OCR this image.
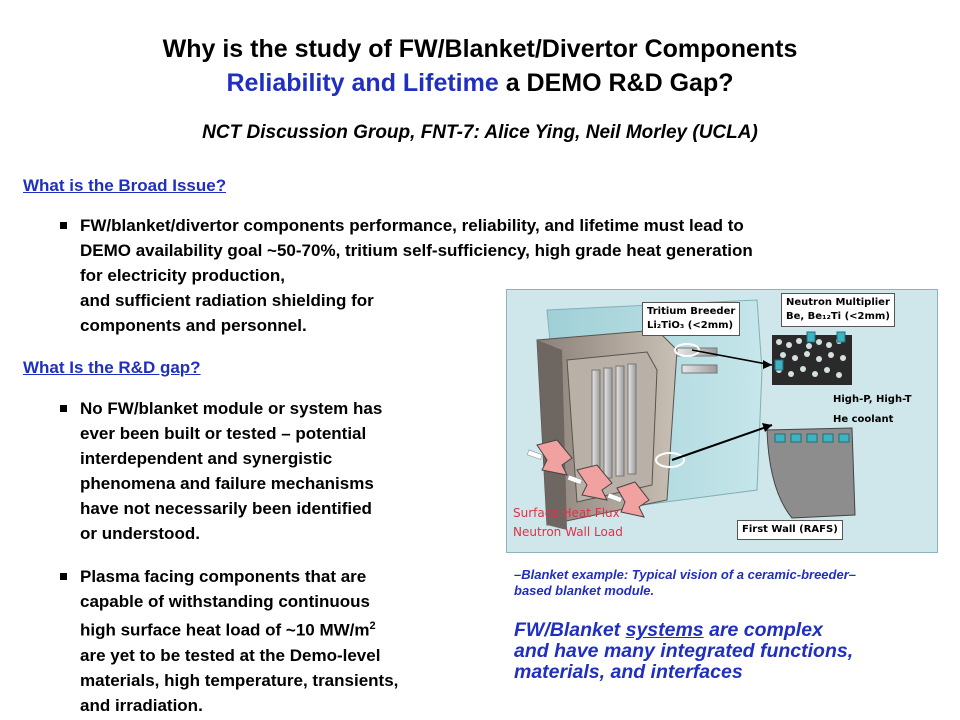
Why is the study of FW/Blanket/Divertor Components
Reliability and Lifetime a DEMO R&D Gap?
NCT Discussion Group, FNT-7: Alice Ying, Neil Morley (UCLA)
What is the Broad Issue?
FW/blanket/divertor components performance, reliability, and lifetime must lead to
DEMO availability goal ~50-70%, tritium self-sufficiency, high grade heat generation
for electricity production,
and sufficient radiation shielding for
components and personnel.
What Is the R&D gap?
No FW/blanket module or system has
ever been built or tested – potential
interdependent and synergistic
phenomena and failure mechanisms
have not necessarily been identified
or understood.
Plasma facing components that are
capable of withstanding continuous
high surface heat load of ~10 $MW/m^2$
are yet to be tested at the Demo-level
materials, high temperature, transients,
and irradiation.
Tritium Breeder
Li₂TiO₃ (<2mm)
Neutron Multiplier
Be, Be₁₂Ti (<2mm)
High-P, High-T
He coolant
First Wall (RAFS)
Surface Heat Flux
Neutron Wall Load
–Blanket example: Typical vision of a ceramic-breeder–
based blanket module.
FW/Blanket systems are complex
and have many integrated functions,
materials, and interfaces
